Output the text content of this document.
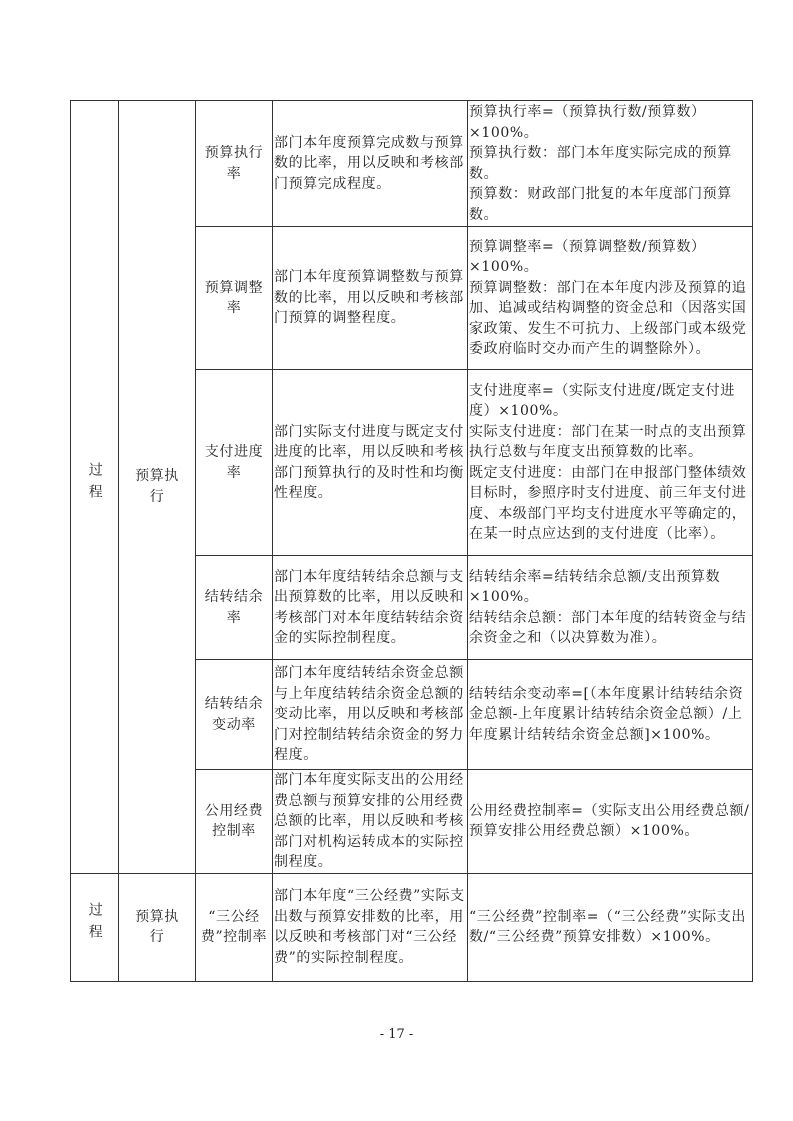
过程	预算执行	预算执行率	部门本年度预算完成数与预算数的比率，用以反映和考核部门预算完成程度。	预算执行率=（预算执行数/预算数）×100%。

预算执行数：部门本年度实际完成的预算数。

预算数：财政部门批复的本年度部门预算数。

		预算调整率	部门本年度预算调整数与预算数的比率，用以反映和考核部门预算的调整程度。	预算调整率=（预算调整数/预算数）×100%。

预算调整数：部门在本年度内涉及预算的追加、追减或结构调整的资金总和（因落实国家政策、发生不可抗力、上级部门或本级党委政府临时交办而产生的调整除外）。

		支付进度率	部门实际支付进度与既定支付进度的比率，用以反映和考核部门预算执行的及时性和均衡性程度。	支付进度率=（实际支付进度/既定支付进度）×100%。

实际支付进度：部门在某一时点的支出预算执行总数与年度支出预算数的比率。

既定支付进度：由部门在申报部门整体绩效目标时，参照序时支付进度、前三年支付进度、本级部门平均支付进度水平等确定的，在某一时点应达到的支付进度（比率）。

		结转结余率	部门本年度结转结余总额与支出预算数的比率，用以反映和考核部门对本年度结转结余资金的实际控制程度。	结转结余率=结转结余总额/支出预算数×100%。

结转结余总额：部门本年度的结转资金与结余资金之和（以决算数为准）。

		结转结余变动率	部门本年度结转结余资金总额与上年度结转结余资金总额的变动比率，用以反映和考核部门对控制结转结余资金的努力程度。	结转结余变动率=[（本年度累计结转结余资金总额-上年度累计结转结余资金总额）/上年度累计结转结余资金总额]×100%。

		公用经费控制率	部门本年度实际支出的公用经费总额与预算安排的公用经费总额的比率，用以反映和考核部门对机构运转成本的实际控制程度。	公用经费控制率=（实际支出公用经费总额/预算安排公用经费总额）×100%。

过程	预算执行	“三公经费”控制率	部门本年度“三公经费”实际支出数与预算安排数的比率，用以反映和考核部门对“三公经费”的实际控制程度。	“三公经费”控制率=（“三公经费”实际支出数/“三公经费”预算安排数）×100%。

- 17 -
